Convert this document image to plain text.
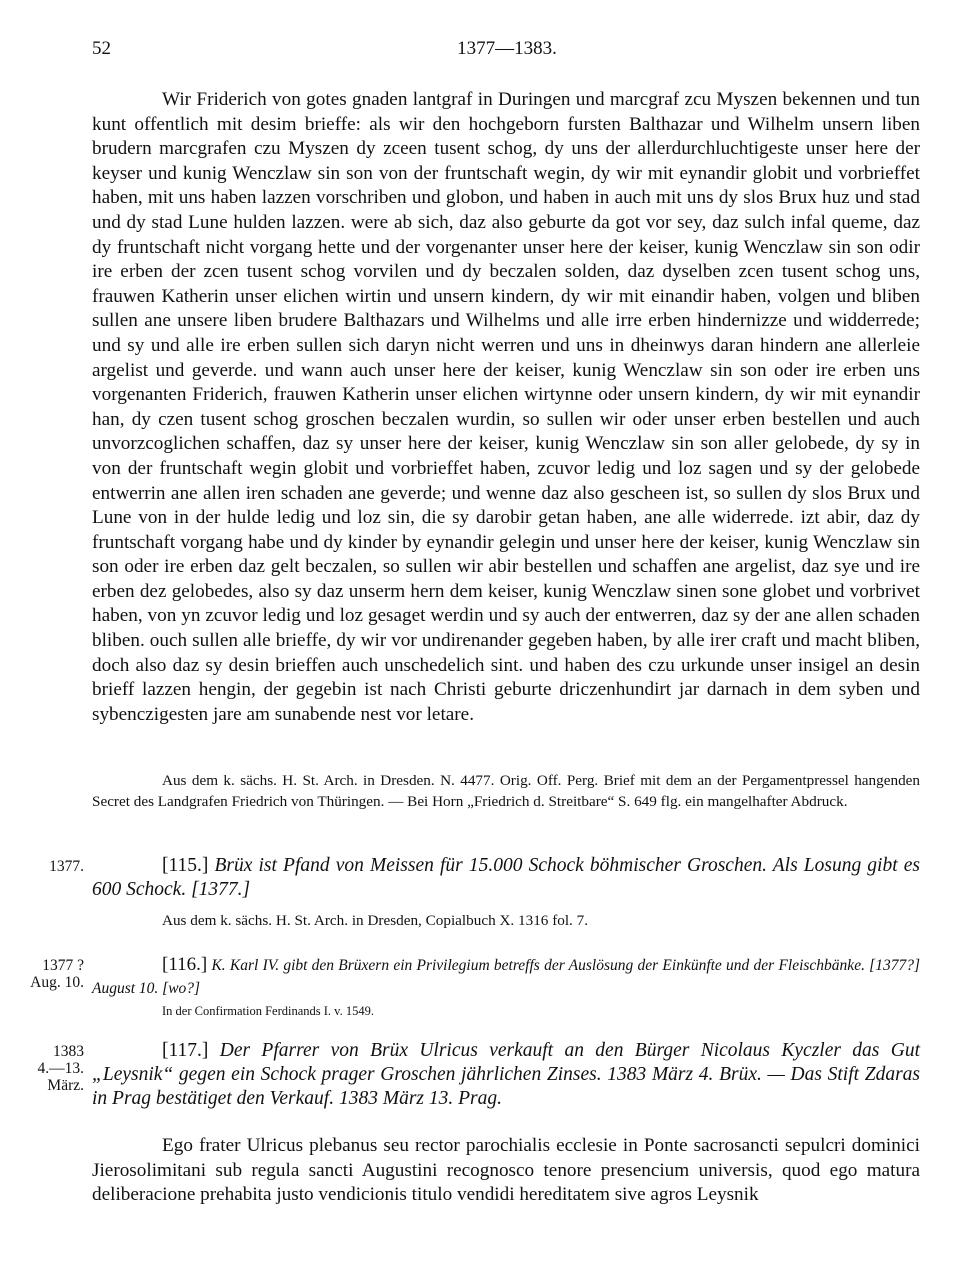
52	1377—1383.

Wir Friderich von gotes gnaden lantgraf in Duringen und marcgraf zcu Myszen bekennen und tun kunt offentlich mit desim brieffe: als wir den hochgeborn fursten Balthazar und Wilhelm unsern liben brudern marcgrafen czu Myszen dy zceen tusent schog, dy uns der allerdurchluchtigeste unser here der keyser und kunig Wenczlaw sin son von der fruntschaft wegin, dy wir mit eynandir globit und vorbrieffet haben, mit uns haben lazzen vorschriben und globon, und haben in auch mit uns dy slos Brux huz und stad und dy stad Lune hulden lazzen. were ab sich, daz also geburte da got vor sey, daz sulch infal queme, daz dy fruntschaft nicht vorgang hette und der vorgenanter unser here der keiser, kunig Wenczlaw sin son odir ire erben der zcen tusent schog vorvilen und dy beczalen solden, daz dyselben zcen tusent schog uns, frauwen Katherin unser elichen wirtin und unsern kindern, dy wir mit einandir haben, volgen und bliben sullen ane unsere liben brudere Balthazars und Wilhelms und alle irre erben hindernizze und widderrede; und sy und alle ire erben sullen sich daryn nicht werren und uns in dheinwys daran hindern ane allerleie argelist und geverde. und wann auch unser here der keiser, kunig Wenczlaw sin son oder ire erben uns vorgenanten Friderich, frauwen Katherin unser elichen wirtynne oder unsern kindern, dy wir mit eynandir han, dy czen tusent schog groschen beczalen wurdin, so sullen wir oder unser erben bestellen und auch unvorzcoglichen schaffen, daz sy unser here der keiser, kunig Wenczlaw sin son aller gelobede, dy sy in von der fruntschaft wegin globit und vorbrieffet haben, zcuvor ledig und loz sagen und sy der gelobede entwerrin ane allen iren schaden ane geverde; und wenne daz also gescheen ist, so sullen dy slos Brux und Lune von in der hulde ledig und loz sin, die sy darobir getan haben, ane alle widerrede. izt abir, daz dy fruntschaft vorgang habe und dy kinder by eynandir gelegin und unser here der keiser, kunig Wenczlaw sin son oder ire erben daz gelt beczalen, so sullen wir abir bestellen und schaffen ane argelist, daz sye und ire erben dez gelobedes, also sy daz unserm hern dem keiser, kunig Wenczlaw sinen sone globet und vorbrivet haben, von yn zcuvor ledig und loz gesaget werdin und sy auch der entwerren, daz sy der ane allen schaden bliben. ouch sullen alle brieffe, dy wir vor undirenander gegeben haben, by alle irer craft und macht bliben, doch also daz sy desin brieffen auch unschedelich sint. und haben des czu urkunde unser insigel an desin brieff lazzen hengin, der gegebin ist nach Christi geburte driczenhundirt jar darnach in dem syben und sybenczigesten jare am sunabende nest vor letare.

Aus dem k. sächs. H. St. Arch. in Dresden. N. 4477. Orig. Off. Perg. Brief mit dem an der Pergamentpressel hangenden Secret des Landgrafen Friedrich von Thüringen. — Bei Horn „Friedrich d. Streitbare“ S. 649 flg. ein mangelhafter Abdruck.

1377.	[115.] Brüx ist Pfand von Meissen für 15.000 Schock böhmischer Groschen. Als Losung gibt es 600 Schock. [1377.]

Aus dem k. sächs. H. St. Arch. in Dresden, Copialbuch X. 1316 fol. 7.

1377 ?
Aug. 10.

[116.] K. Karl IV. gibt den Brüxern ein Privilegium betreffs der Auslösung der Einkünfte und der Fleischbänke. [1377?] August 10. [wo?]

In der Confirmation Ferdinands I. v. 1549.

1383
4.—13.
März.

[117.] Der Pfarrer von Brüx Ulricus verkauft an den Bürger Nicolaus Kyczler das Gut „Leysnik“ gegen ein Schock prager Groschen jährlichen Zinses. 1383 März 4. Brüx. — Das Stift Zdaras in Prag bestätiget den Verkauf. 1383 März 13. Prag.

Ego frater Ulricus plebanus seu rector parochialis ecclesie in Ponte sacrosancti sepulcri dominici Jierosolimitani sub regula sancti Augustini recognosco tenore presencium universis, quod ego matura deliberacione prehabita justo vendicionis titulo vendidi hereditatem sive agros Leysnik
